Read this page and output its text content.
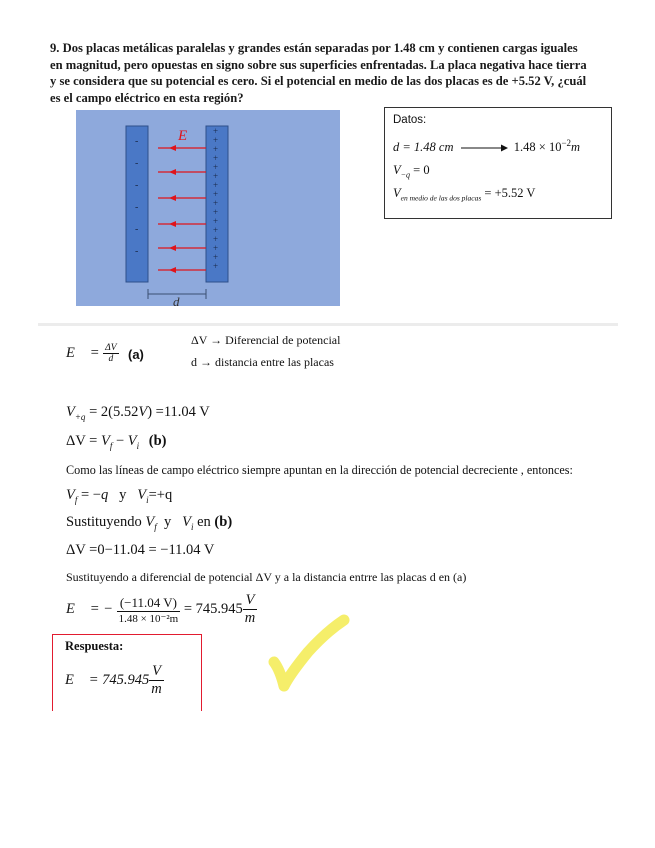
9. Dos placas metálicas paralelas y grandes están separadas por 1.48 cm y contienen cargas iguales en magnitud, pero opuestas en signo sobre sus superficies enfrentadas. La placa negativa hace tierra y se considera que su potencial es cero. Si el potencial en medio de las dos placas es de +5.52 V, ¿cuál es el campo eléctrico en esta región?
-
-
-
-
-
-
+
+
+
+
+
+
+
+
+
+
+
+
+
+
+
+
E⃗
d
Datos:
d = 1.48 cm	$1.48 \times 10^{-2}m$
$V_{-q} = 0$
$V_{en medio de las dos placas} = +5.52$ V
E⃗ = $\frac{\Delta V}{d} (a)$
ΔV → Diferencial de potencial
d → distancia entre las placas
$V_{+q} = 2(5.52V) =11.04$ V
$\Delta V = V_f - V_i$ (b)
Como las líneas de campo eléctrico siempre apuntan en la dirección de potencial decreciente , entonces:
$V_f = -q$   y   $V_i=+q$
Sustituyendo $V_f$  y   $V_i$ en (b)
ΔV =0−11.04 = −11.04 V
Sustituyendo a diferencial de potencial ΔV y a la distancia entrre las placas d en (a)
E⃗ = − $\frac{(-11.04 V)}{\text{1.48 × 10⁻²m}} = 745.945 \frac{V}{m}$
Respuesta:
E⃗ = $745.945 \frac{V}{m}$
